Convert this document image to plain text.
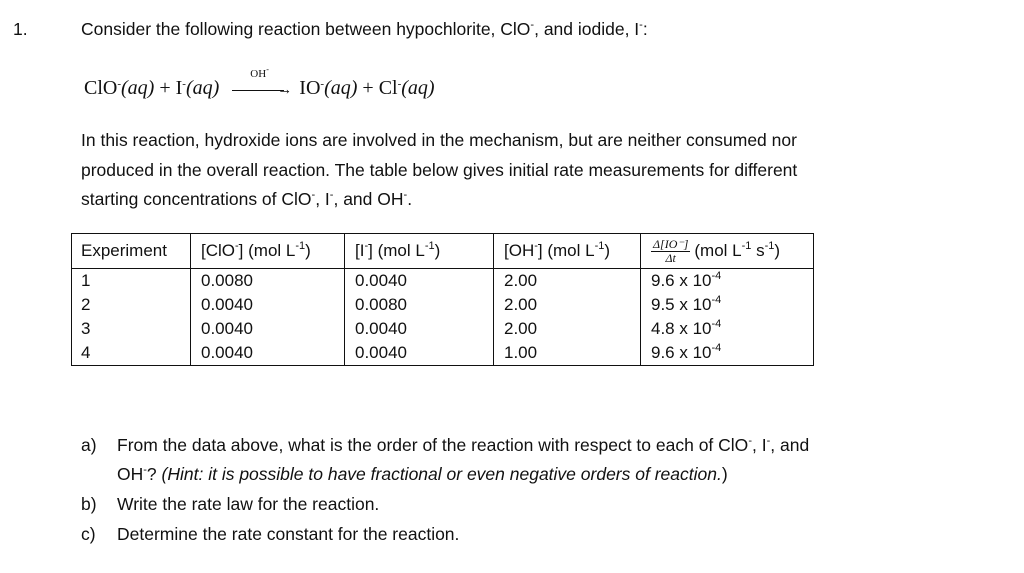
1.	Consider the following reaction between hypochlorite, ClO-, and iodide, I-:
ClO-(aq) + I-(aq)
OH-
→ IO-(aq) + Cl-(aq)
In this reaction, hydroxide ions are involved in the mechanism, but are neither consumed nor
produced in the overall reaction. The table below gives initial rate measurements for different
starting concentrations of ClO-, I-, and OH-.
Experiment	[ClO-] (mol $L^{-1}$)	[I-] (mol $L^{-1}$)	[OH-] (mol $L^{-1}$)	$\frac{\Delta[IO^-]}{\Delta t} (mol$ $L^{-1}$ $s^{-1}$)
1	0.0080	0.0040	2.00	9.6 x $10^{-4}$
2	0.0040	0.0080	2.00	9.5 x $10^{-4}$
3	0.0040	0.0040	2.00	4.8 x $10^{-4}$
4	0.0040	0.0040	1.00	9.6 x $10^{-4}$
a) From the data above, what is the order of the reaction with respect to each of ClO-, I-, and
OH-? (Hint: it is possible to have fractional or even negative orders of reaction.)
b) Write the rate law for the reaction.
c) Determine the rate constant for the reaction.
